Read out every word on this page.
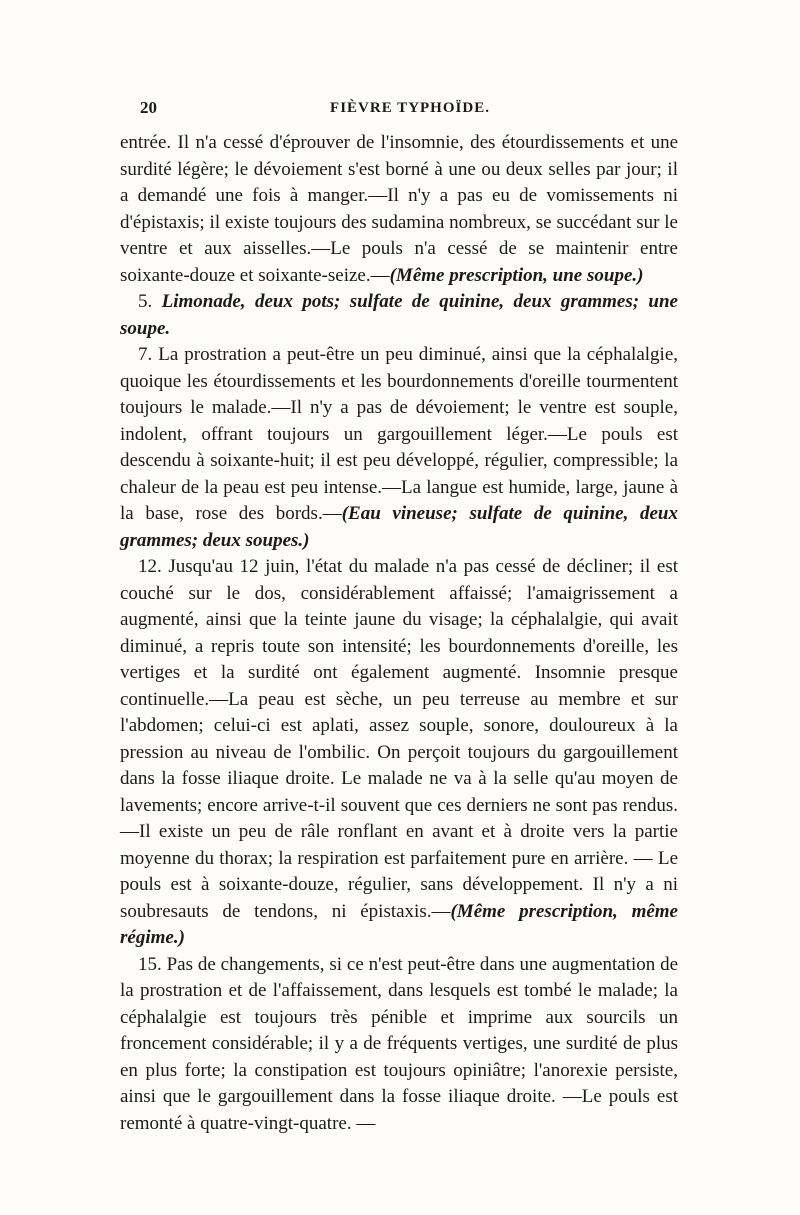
20	FIÈVRE TYPHOÏDE.

entrée. Il n'a cessé d'éprouver de l'insomnie, des étourdissements et une surdité légère; le dévoiement s'est borné à une ou deux selles par jour; il a demandé une fois à manger.—Il n'y a pas eu de vomissements ni d'épistaxis; il existe toujours des sudamina nombreux, se succédant sur le ventre et aux aisselles.—Le pouls n'a cessé de se maintenir entre soixante-douze et soixante-seize.—(Même prescription, une soupe.)

5. Limonade, deux pots; sulfate de quinine, deux grammes; une soupe.

7. La prostration a peut-être un peu diminué, ainsi que la céphalalgie, quoique les étourdissements et les bourdonnements d'oreille tourmentent toujours le malade.—Il n'y a pas de dévoiement; le ventre est souple, indolent, offrant toujours un gargouillement léger.—Le pouls est descendu à soixante-huit; il est peu développé, régulier, compressible; la chaleur de la peau est peu intense.—La langue est humide, large, jaune à la base, rose des bords.—(Eau vineuse; sulfate de quinine, deux grammes; deux soupes.)

12. Jusqu'au 12 juin, l'état du malade n'a pas cessé de décliner; il est couché sur le dos, considérablement affaissé; l'amaigrissement a augmenté, ainsi que la teinte jaune du visage; la céphalalgie, qui avait diminué, a repris toute son intensité; les bourdonnements d'oreille, les vertiges et la surdité ont également augmenté. Insomnie presque continuelle.—La peau est sèche, un peu terreuse au membre et sur l'abdomen; celui-ci est aplati, assez souple, sonore, douloureux à la pression au niveau de l'ombilic. On perçoit toujours du gargouillement dans la fosse iliaque droite. Le malade ne va à la selle qu'au moyen de lavements; encore arrive-t-il souvent que ces derniers ne sont pas rendus.—Il existe un peu de râle ronflant en avant et à droite vers la partie moyenne du thorax; la respiration est parfaitement pure en arrière. — Le pouls est à soixante-douze, régulier, sans développement. Il n'y a ni soubresauts de tendons, ni épistaxis.—(Même prescription, même régime.)

15. Pas de changements, si ce n'est peut-être dans une augmentation de la prostration et de l'affaissement, dans lesquels est tombé le malade; la céphalalgie est toujours très pénible et imprime aux sourcils un froncement considérable; il y a de fréquents vertiges, une surdité de plus en plus forte; la constipation est toujours opiniâtre; l'anorexie persiste, ainsi que le gargouillement dans la fosse iliaque droite. —Le pouls est remonté à quatre-vingt-quatre. —
